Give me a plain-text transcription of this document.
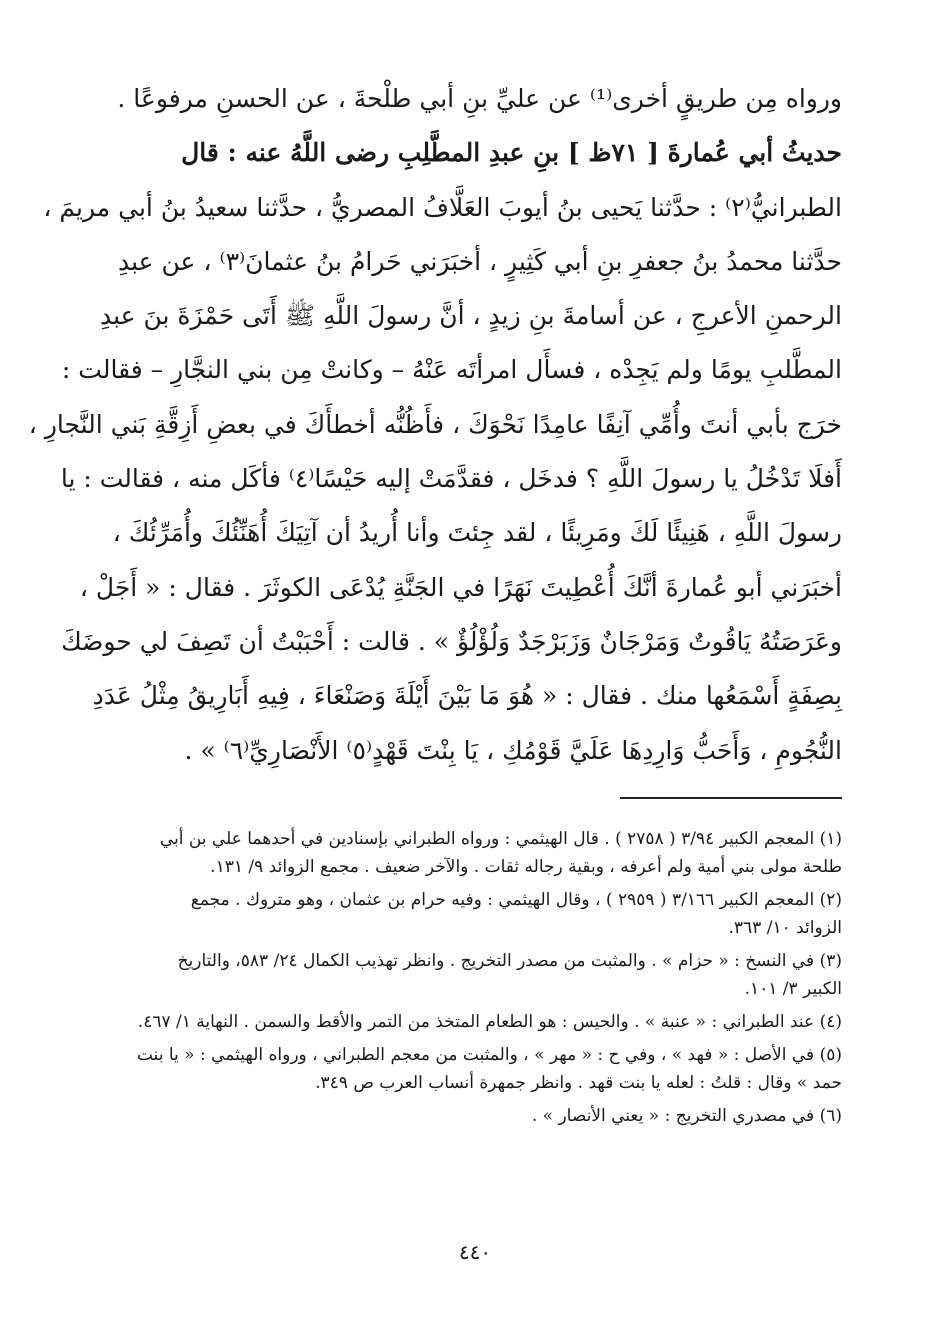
ورواه مِن طريقٍ أخرى⁽¹⁾ عن عليِّ بنِ أبي طلْحةَ ، عن الحسنِ مرفوعًا .
حديثُ أبي عُمارةَ [ ٧١ظ ] بنِ عبدِ المطَّلِبِ رضى اللَّهُ عنه : قال
الطبرانيُّ⁽٢⁾ : حدَّثنا يَحيى بنُ أيوبَ العَلَّافُ المصريُّ ، حدَّثنا سعيدُ بنُ أبي مريمَ ،
حدَّثنا محمدُ بنُ جعفرِ بنِ أبي كَثِيرٍ ، أخبَرَني حَرامُ بنُ عثمانَ⁽٣⁾ ، عن عبدِ
الرحمنِ الأعرجِ ، عن أسامةَ بنِ زيدٍ ، أنَّ رسولَ اللَّهِ ﷺ أَتَى حَمْزَةَ بنَ عبدِ
المطَّلبِ يومًا ولم يَجِدْه ، فسأَل امرأتَه عَنْهُ – وكانتْ مِن بني النجَّارِ – فقالت :
خرَج بأبي أنتَ وأُمِّي آنِفًا عامِدًا نَحْوَكَ ، فأَظُنُّه أخطأَكَ في بعضِ أَزِقَّةِ بَني النَّجارِ ،
أَفلَا تَدْخُلُ يا رسولَ اللَّهِ ؟ فدخَل ، فقدَّمَتْ إليه حَيْسًا⁽٤⁾ فأكَل منه ، فقالت : يا
رسولَ اللَّهِ ، هَنِيئًا لَكَ ومَرِيئًا ، لقد جِئتَ وأنا أُريدُ أن آتِيَكَ أُهَنِّئُكَ وأُمَرِّئُكَ ،
أخبَرَني أبو عُمارةَ أنَّكَ أُعْطِيتَ نَهَرًا في الجَنَّةِ يُدْعَى الكوثَرَ . فقال : « أَجَلْ ،
وعَرَصَتُهُ يَاقُوتٌ وَمَرْجَانٌ وَزَبَرْجَدٌ وَلُؤْلُؤٌ » . قالت : أَحْبَبْتُ أن تَصِفَ لي حوضَكَ
بِصِفَةٍ أَسْمَعُها منك . فقال : « هُوَ مَا بَيْنَ أَيْلَةَ وَصَنْعَاءَ ، فِيهِ أَبَارِيقُ مِثْلُ عَدَدِ
النُّجُومِ ، وَأَحَبُّ وَارِدِهَا عَلَيَّ قَوْمُكِ ، يَا بِنْتَ قَهْدٍ⁽٥⁾ الأَنْصَارِيِّ⁽٦⁾ » .
(١) المعجم الكبير ٣/٩٤ ( ٢٧٥٨ ) . قال الهيثمي : ورواه الطبراني بإسنادين في أحدهما علي بن أبي
طلحة مولى بني أمية ولم أعرفه ، وبقية رجاله ثقات . والآخر ضعيف . مجمع الزوائد ٩/ ١٣١.
(٢) المعجم الكبير ٣/١٦٦ ( ٢٩٥٩ ) ، وقال الهيثمي : وفيه حرام بن عثمان ، وهو متروك . مجمع
الزوائد ١٠/ ٣٦٣.
(٣) في النسخ : « حزام » . والمثبت من مصدر التخريج . وانظر تهذيب الكمال ٢٤/ ٥٨٣، والتاريخ
الكبير ٣/ ١٠١.
(٤) عند الطبراني : « عنبة » . والحيس : هو الطعام المتخذ من التمر والأقط والسمن . النهاية ١/ ٤٦٧.
(٥) في الأصل : « فهد » ، وفي ح : « مهر » ، والمثبت من معجم الطبراني ، ورواه الهيثمي : « يا بنت
حمد » وقال : قلتُ : لعله يا بنت قهد . وانظر جمهرة أنساب العرب ص ٣٤٩.
(٦) في مصدري التخريج : « يعني الأنصار » .
٤٤٠
